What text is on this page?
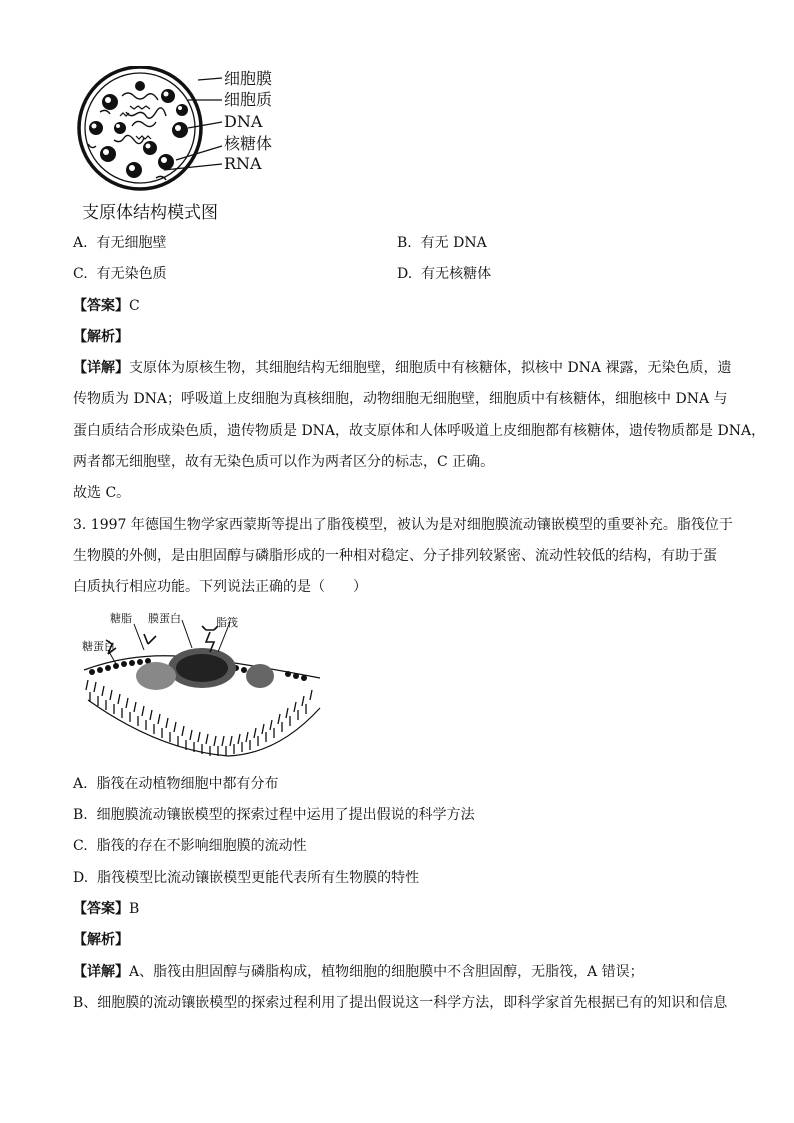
细胞膜
细胞质
DNA
核糖体
RNA
支原体结构模式图
A. 有无细胞壁	B. 有无 DNA
C. 有无染色质	D. 有无核糖体
【答案】C
【解析】
【详解】支原体为原核生物，其细胞结构无细胞壁，细胞质中有核糖体，拟核中 DNA 裸露，无染色质，遗
传物质为 DNA；呼吸道上皮细胞为真核细胞，动物细胞无细胞壁，细胞质中有核糖体，细胞核中 DNA 与
蛋白质结合形成染色质，遗传物质是 DNA，故支原体和人体呼吸道上皮细胞都有核糖体，遗传物质都是 DNA，
两者都无细胞壁，故有无染色质可以作为两者区分的标志，C 正确。
故选 C。
3. 1997 年德国生物学家西蒙斯等提出了脂筏模型，被认为是对细胞膜流动镶嵌模型的重要补充。脂筏位于
生物膜的外侧，是由胆固醇与磷脂形成的一种相对稳定、分子排列较紧密、流动性较低的结构，有助于蛋
白质执行相应功能。下列说法正确的是（　　）
糖脂 膜蛋白	脂筏
糖蛋白
A. 脂筏在动植物细胞中都有分布
B. 细胞膜流动镶嵌模型的探索过程中运用了提出假说的科学方法
C. 脂筏的存在不影响细胞膜的流动性
D. 脂筏模型比流动镶嵌模型更能代表所有生物膜的特性
【答案】B
【解析】
【详解】A、脂筏由胆固醇与磷脂构成，植物细胞的细胞膜中不含胆固醇，无脂筏，A 错误；
B、细胞膜的流动镶嵌模型的探索过程利用了提出假说这一科学方法，即科学家首先根据已有的知识和信息
